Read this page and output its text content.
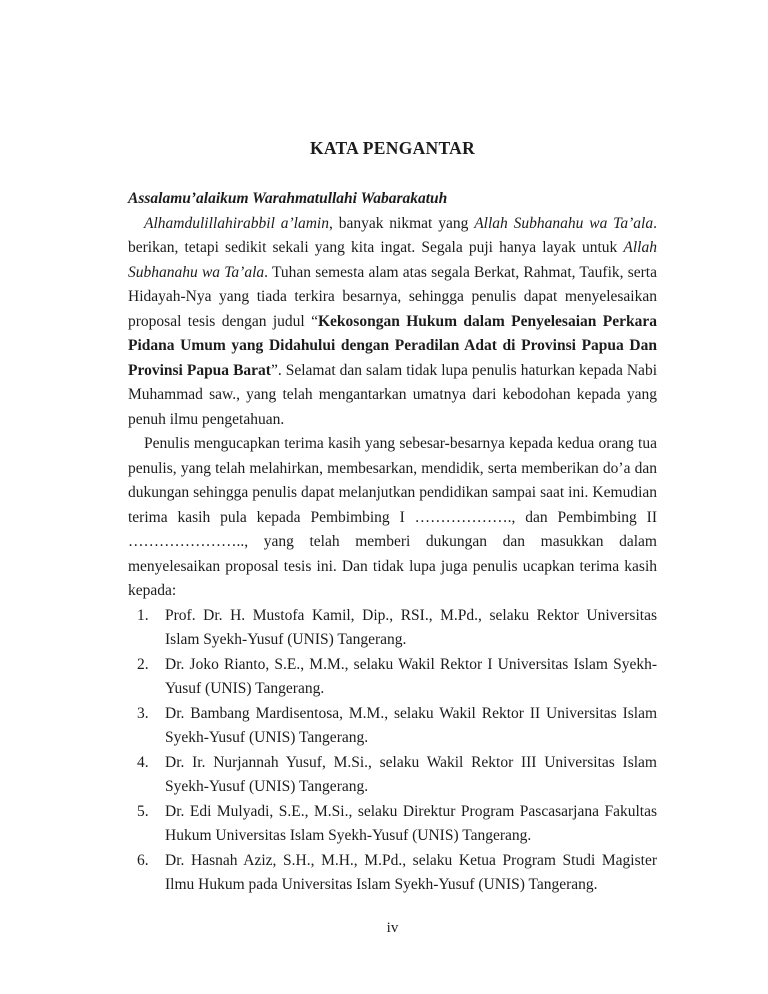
KATA PENGANTAR

Assalamu’alaikum Warahmatullahi Wabarakatuh

Alhamdulillahirabbil a’lamin, banyak nikmat yang Allah Subhanahu wa Ta’ala. berikan, tetapi sedikit sekali yang kita ingat. Segala puji hanya layak untuk Allah Subhanahu wa Ta’ala. Tuhan semesta alam atas segala Berkat, Rahmat, Taufik, serta Hidayah-Nya yang tiada terkira besarnya, sehingga penulis dapat menyelesaikan proposal tesis dengan judul “Kekosongan Hukum dalam Penyelesaian Perkara Pidana Umum yang Didahului dengan Peradilan Adat di Provinsi Papua Dan Provinsi Papua Barat”. Selamat dan salam tidak lupa penulis haturkan kepada Nabi Muhammad saw., yang telah mengantarkan umatnya dari kebodohan kepada yang penuh ilmu pengetahuan.

Penulis mengucapkan terima kasih yang sebesar-besarnya kepada kedua orang tua penulis, yang telah melahirkan, membesarkan, mendidik, serta memberikan do’a dan dukungan sehingga penulis dapat melanjutkan pendidikan sampai saat ini. Kemudian terima kasih pula kepada Pembimbing I ………………., dan Pembimbing II ………………….., yang telah memberi dukungan dan masukkan dalam menyelesaikan proposal tesis ini. Dan tidak lupa juga penulis ucapkan terima kasih kepada:

1. Prof. Dr. H. Mustofa Kamil, Dip., RSI., M.Pd., selaku Rektor Universitas Islam Syekh-Yusuf (UNIS) Tangerang.
2. Dr. Joko Rianto, S.E., M.M., selaku Wakil Rektor I Universitas Islam Syekh-Yusuf (UNIS) Tangerang.
3. Dr. Bambang Mardisentosa, M.M., selaku Wakil Rektor II Universitas Islam Syekh-Yusuf (UNIS) Tangerang.
4. Dr. Ir. Nurjannah Yusuf, M.Si., selaku Wakil Rektor III Universitas Islam Syekh-Yusuf (UNIS) Tangerang.
5. Dr. Edi Mulyadi, S.E., M.Si., selaku Direktur Program Pascasarjana Fakultas Hukum Universitas Islam Syekh-Yusuf (UNIS) Tangerang.
6. Dr. Hasnah Aziz, S.H., M.H., M.Pd., selaku Ketua Program Studi Magister Ilmu Hukum pada Universitas Islam Syekh-Yusuf (UNIS) Tangerang.
iv
